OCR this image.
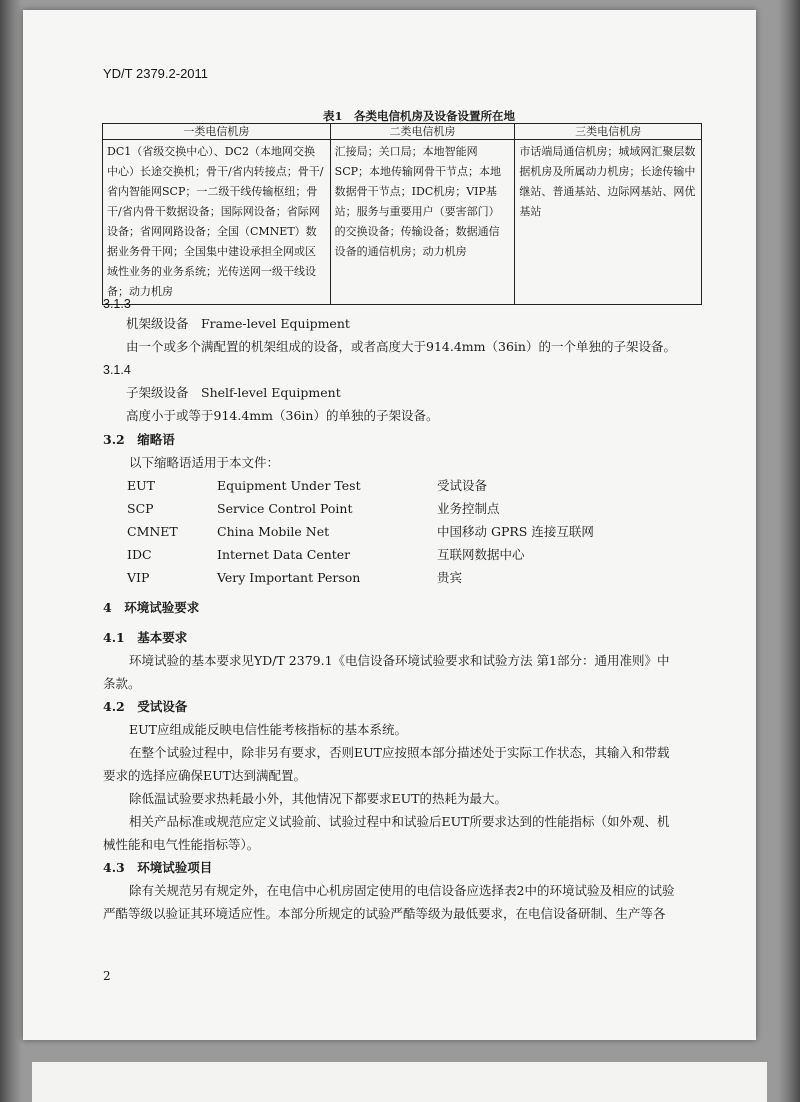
YD/T 2379.2-2011
表1　各类电信机房及设备设置所在地
一类电信机房	二类电信机房	三类电信机房
DC1（省级交换中心）、DC2（本地网交换中心）长途交换机；骨干/省内转接点；骨干/省内智能网SCP；一二级干线传输枢纽；骨干/省内骨干数据设备；国际网设备；省际网设备；省网网路设备；全国（CMNET）数据业务骨干网；全国集中建设承担全网或区域性业务的业务系统；光传送网一级干线设备；动力机房	汇接局；关口局；本地智能网SCP；本地传输网骨干节点；本地数据骨干节点；IDC机房；VIP基站；服务与重要用户（要害部门）的交换设备；传输设备；数据通信设备的通信机房；动力机房	市话端局通信机房；城域网汇聚层数据机房及所属动力机房；长途传输中继站、普通基站、边际网基站、网优基站
3.1.3
机架级设备　Frame-level Equipment
由一个或多个满配置的机架组成的设备，或者高度大于914.4mm（36in）的一个单独的子架设备。
3.1.4
子架级设备　Shelf-level Equipment
高度小于或等于914.4mm（36in）的单独的子架设备。
3.2　缩略语
以下缩略语适用于本文件：
EUT	Equipment Under Test	受试设备
SCP	Service Control Point	业务控制点
CMNET	China Mobile Net	中国移动 GPRS 连接互联网
IDC	Internet Data Center	互联网数据中心
VIP	Very Important Person	贵宾
4　环境试验要求
4.1　基本要求
环境试验的基本要求见YD/T 2379.1《电信设备环境试验要求和试验方法 第1部分：通用准则》中
条款。
4.2　受试设备
EUT应组成能反映电信性能考核指标的基本系统。
在整个试验过程中，除非另有要求，否则EUT应按照本部分描述处于实际工作状态，其输入和带载
要求的选择应确保EUT达到满配置。
除低温试验要求热耗最小外，其他情况下都要求EUT的热耗为最大。
相关产品标准或规范应定义试验前、试验过程中和试验后EUT所要求达到的性能指标（如外观、机
械性能和电气性能指标等）。
4.3　环境试验项目
除有关规范另有规定外，在电信中心机房固定使用的电信设备应选择表2中的环境试验及相应的试验
严酷等级以验证其环境适应性。本部分所规定的试验严酷等级为最低要求，在电信设备研制、生产等各
2
